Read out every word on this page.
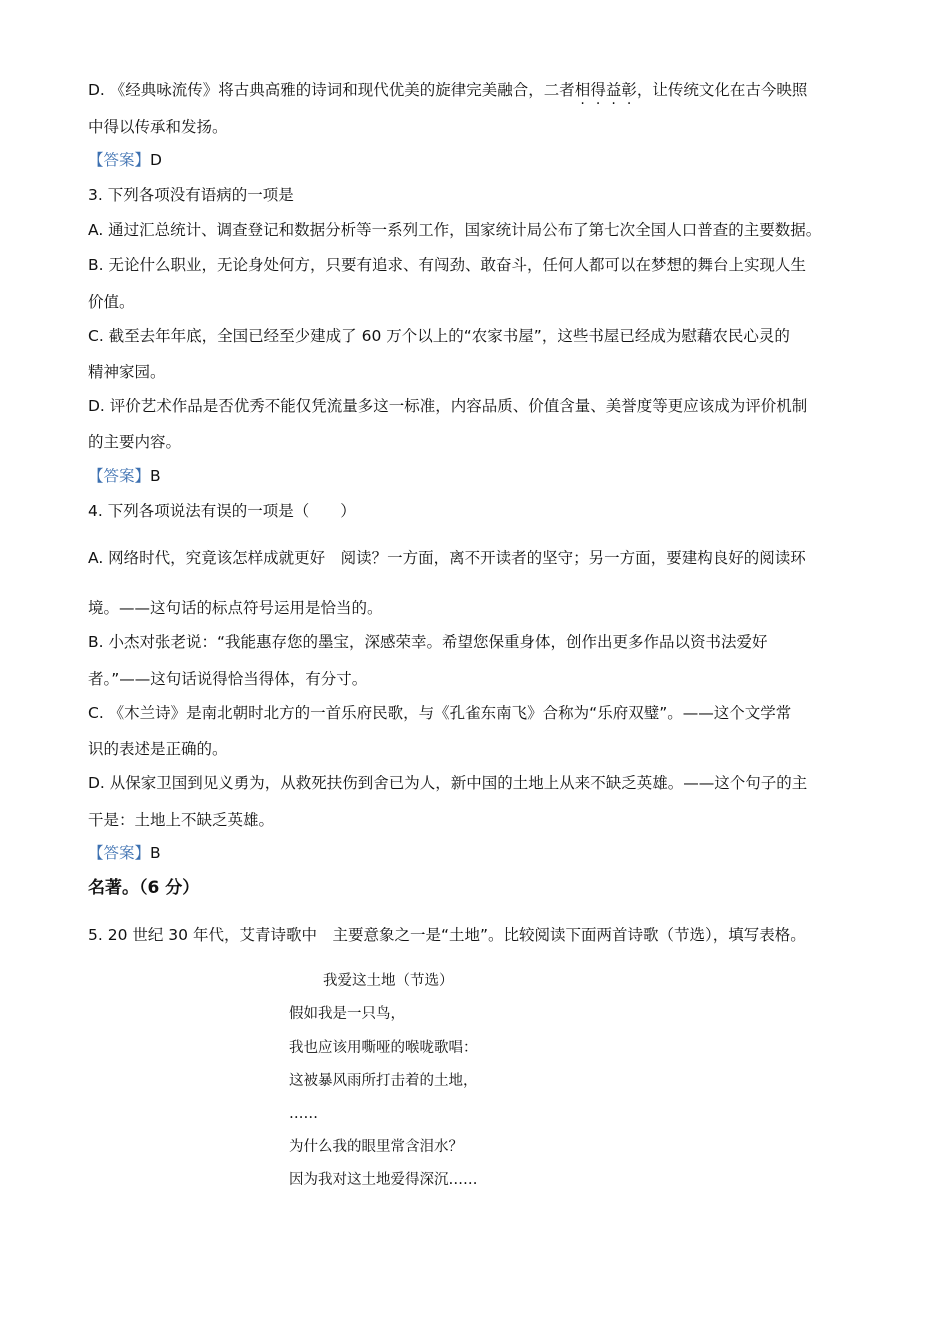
D. 《经典咏流传》将古典高雅的诗词和现代优美的旋律完美融合，二者相得益彰，让传统文化在古今映照
中得以传承和发扬。
【答案】D
3. 下列各项没有语病的一项是
A. 通过汇总统计、调查登记和数据分析等一系列工作，国家统计局公布了第七次全国人口普查的主要数据。
B. 无论什么职业，无论身处何方，只要有追求、有闯劲、敢奋斗，任何人都可以在梦想的舞台上实现人生
价值。
C. 截至去年年底，全国已经至少建成了 60 万个以上的“农家书屋”，这些书屋已经成为慰藉农民心灵的
精神家园。
D. 评价艺术作品是否优秀不能仅凭流量多这一标准，内容品质、价值含量、美誉度等更应该成为评价机制
的主要内容。
【答案】B
4. 下列各项说法有误的一项是（　　）
A. 网络时代，究竟该怎样成就更好　阅读？一方面，离不开读者的坚守；另一方面，要建构良好的阅读环
境。——这句话的标点符号运用是恰当的。
B. 小杰对张老说：“我能惠存您的墨宝，深感荣幸。希望您保重身体，创作出更多作品以资书法爱好
者。”——这句话说得恰当得体，有分寸。
C. 《木兰诗》是南北朝时北方的一首乐府民歌，与《孔雀东南飞》合称为“乐府双璧”。——这个文学常
识的表述是正确的。
D. 从保家卫国到见义勇为，从救死扶伤到舍已为人，新中国的土地上从来不缺乏英雄。——这个句子的主
干是：土地上不缺乏英雄。
【答案】B
名著。（6 分）
5. 20 世纪 30 年代，艾青诗歌中　主要意象之一是“土地”。比较阅读下面两首诗歌（节选），填写表格。
我爱这土地（节选）
假如我是一只鸟，
我也应该用嘶哑的喉咙歌唱：
这被暴风雨所打击着的土地，
……
为什么我的眼里常含泪水？
因为我对这土地爱得深沉……
